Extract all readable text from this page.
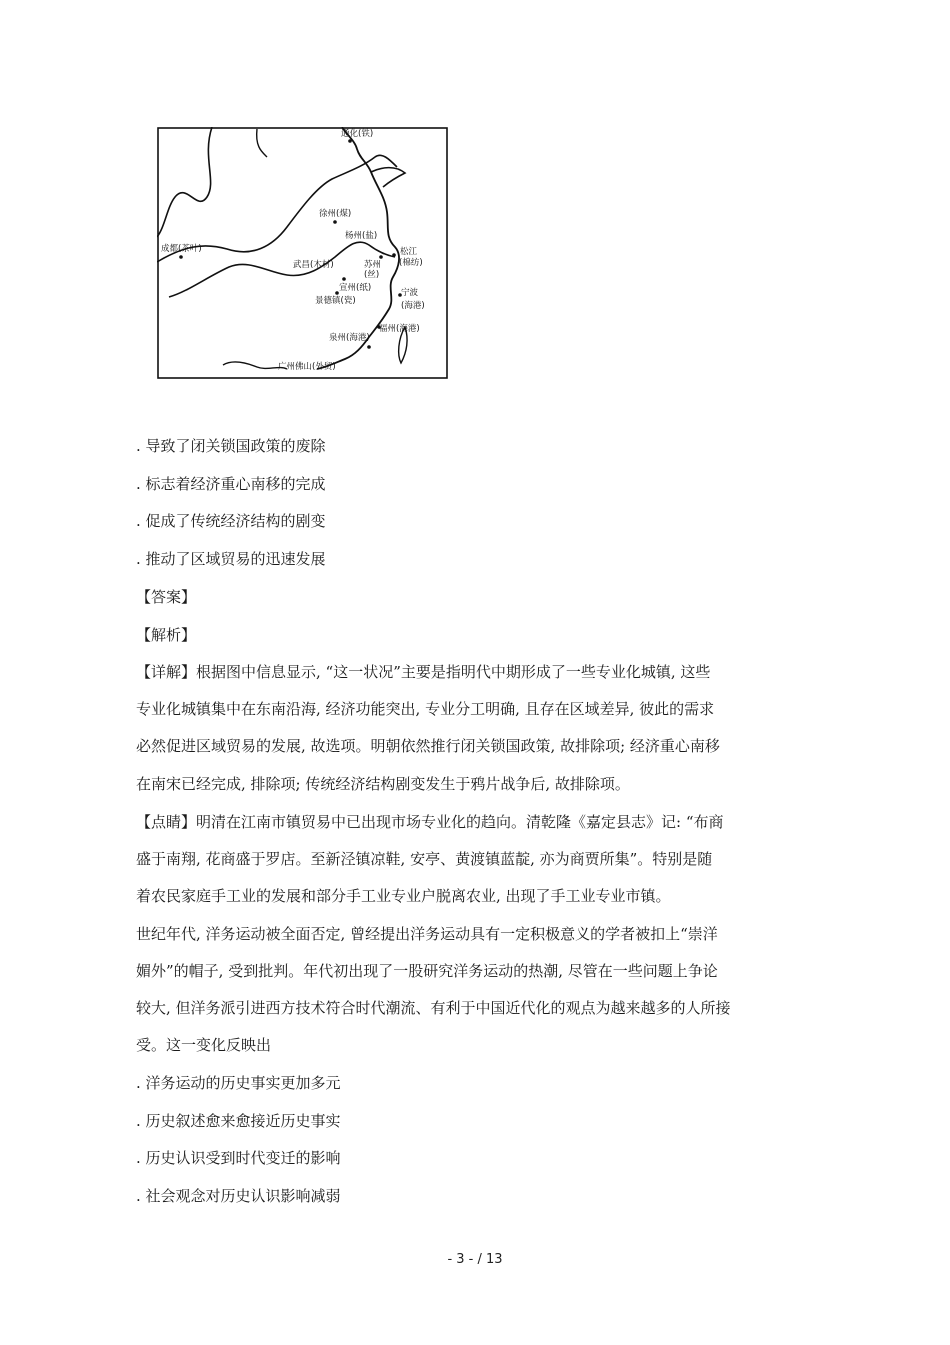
通化(铁)
徐州(煤)
杨州(盐)
成都(茶叶)	松江
(棉纺)
武昌(木材)	苏州
(丝)
宣州(纸)
景德镇(瓷)
宁波
(海港)
福州(海港)
泉州(海港)
广州佛山(外贸)
. 导致了闭关锁国政策的废除
. 标志着经济重心南移的完成
. 促成了传统经济结构的剧变
. 推动了区域贸易的迅速发展
【答案】
【解析】
【详解】根据图中信息显示, “这一状况”主要是指明代中期形成了一些专业化城镇, 这些
专业化城镇集中在东南沿海, 经济功能突出, 专业分工明确, 且存在区域差异, 彼此的需求
必然促进区域贸易的发展, 故选项。明朝依然推行闭关锁国政策, 故排除项; 经济重心南移
在南宋已经完成, 排除项; 传统经济结构剧变发生于鸦片战争后, 故排除项。
【点睛】明清在江南市镇贸易中已出现市场专业化的趋向。清乾隆《嘉定县志》记: “布商
盛于南翔, 花商盛于罗店。至新泾镇凉鞋, 安亭、黄渡镇蓝靛, 亦为商贾所集”。特别是随
着农民家庭手工业的发展和部分手工业专业户脱离农业, 出现了手工业专业市镇。
世纪年代, 洋务运动被全面否定, 曾经提出洋务运动具有一定积极意义的学者被扣上“崇洋
媚外”的帽子, 受到批判。年代初出现了一股研究洋务运动的热潮, 尽管在一些问题上争论
较大, 但洋务派引进西方技术符合时代潮流、有利于中国近代化的观点为越来越多的人所接
受。这一变化反映出
. 洋务运动的历史事实更加多元
. 历史叙述愈来愈接近历史事实
. 历史认识受到时代变迁的影响
. 社会观念对历史认识影响减弱
- 3 - / 13
